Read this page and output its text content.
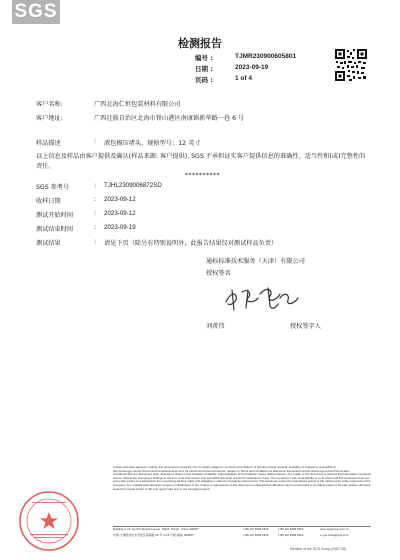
SGS
检测报告
编号 :	TJMR230900605801
日期 :	2023-09-19
页码 :	1 of 4
客户名称:	广西北海仁恒包装材料有限公司
客户地址:	广西壮族自治区北海市铁山港区南康镇新华路一巷 6 号
样品描述	: 液包模压堵头，规格型号：12 英寸
以上信息及样品由客户提供及确认(样品来源: 客户提供), SGS 不承担证实客户提供信息的准确性、适当性和(或)完整性的责任。
**********
SGS 参考号	: TJHL2309006872SD
收样日期	: 2023-09-12
测试开始时间	: 2023-09-12
测试结束时间	: 2023-09-19
测试结果	: 请见下页（除另有特别说明外，此报告结果仅对测试样品负责）
通标标准技术服务（天津）有限公司
授权签名
刘菁伟	授权签字人
Unless otherwise agreed in writing, this document is issued by the Company subject to its General Conditions of Service printed overleaf, available on request or accessible at http://www.sgs.com/en/Terms-and-Conditions.aspx and, for electronic format documents, subject to Terms and Conditions for Electronic Documents at http://www.sgs.com/en/Terms-and-Conditions/Terms-e-Document.aspx. Attention is drawn to the limitation of liability, indemnification and jurisdiction issues defined therein. Any holder of this document is advised that information contained hereon reflects the Company's findings at the time of its intervention only and within the limits of Client's instructions, if any. The Company's sole responsibility is to its Client and this document does not exonerate parties to a transaction from exercising all their rights and obligations under the transaction documents. This document cannot be reproduced except in full, without prior written approval of the Company. Any unauthorized alteration, forgery or falsification of the content or appearance of this document is unlawful and offenders may be prosecuted to the fullest extent of the law. Unless otherwise stated the results shown in this test report refer only to the sample(s) tested.
Building C-15, No.66 Nanhai Avenue, TEDA, Tianjin, China 300457	t (86-22) 5999 5319	f (86-22) 5999 5310	www.sgsgroup.com.cn
中国·天津经济技术开发区南海路 66 号 C-15 号楼 邮编: 300457	t (86-22) 5999 5319	f (86-22) 5999 5310	e sgs.china@sgs.com
Member of the SGS Group (SGS SA)
